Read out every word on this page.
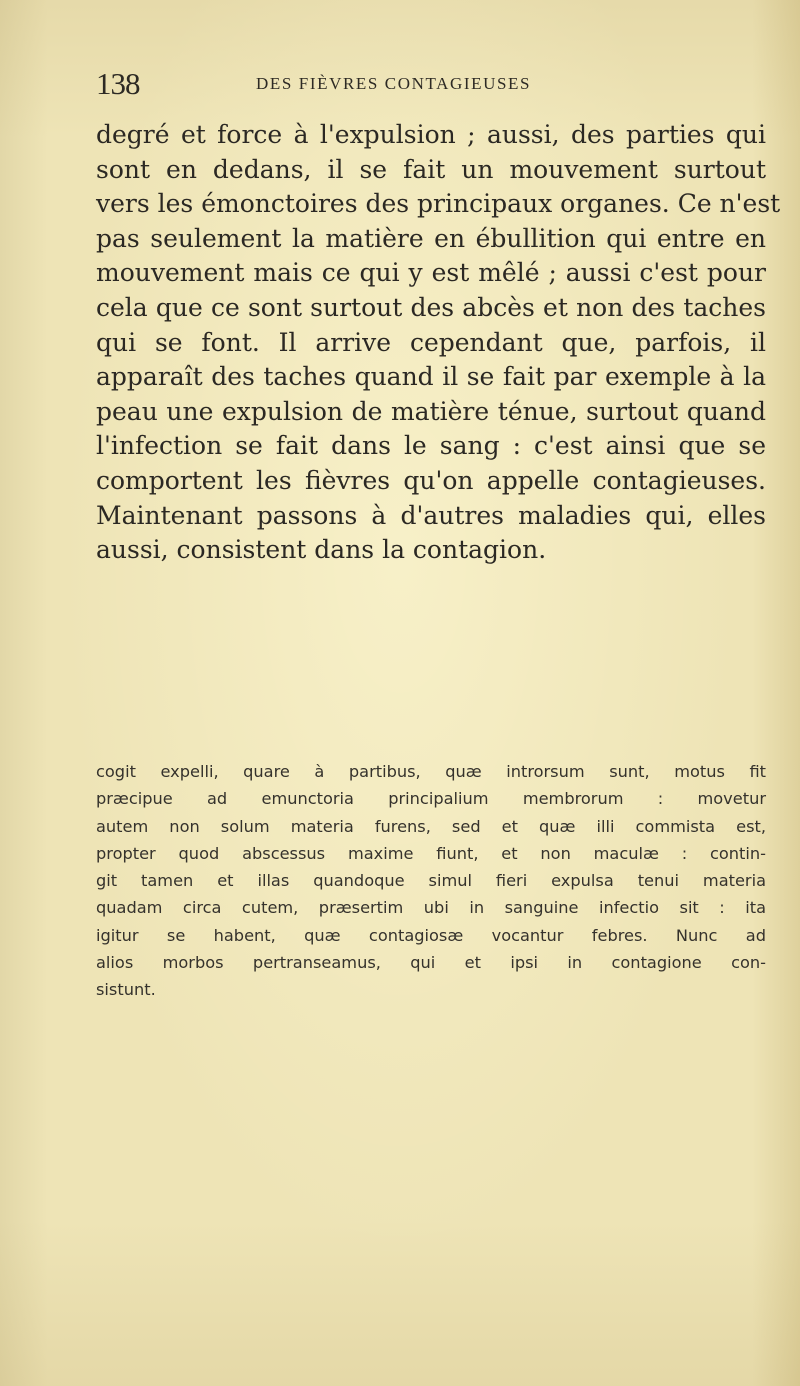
138	DES FIÈVRES CONTAGIEUSES
degré et force à l'expulsion ; aussi, des parties qui
sont en dedans, il se fait un mouvement surtout
vers les émonctoires des principaux organes. Ce n'est
pas seulement la matière en ébullition qui entre en
mouvement mais ce qui y est mêlé ; aussi c'est pour
cela que ce sont surtout des abcès et non des taches
qui se font. Il arrive cependant que, parfois, il
apparaît des taches quand il se fait par exemple à la
peau une expulsion de matière ténue, surtout quand
l'infection se fait dans le sang : c'est ainsi que se
comportent les fièvres qu'on appelle contagieuses.
Maintenant passons à d'autres maladies qui, elles
aussi, consistent dans la contagion.
cogit expelli, quare à partibus, quæ introrsum sunt, motus fit
præcipue ad emunctoria principalium membrorum : movetur
autem non solum materia furens, sed et quæ illi commista est,
propter quod abscessus maxime fiunt, et non maculæ : contin-
git tamen et illas quandoque simul fieri expulsa tenui materia
quadam circa cutem, præsertim ubi in sanguine infectio sit : ita
igitur se habent, quæ contagiosæ vocantur febres. Nunc ad
alios morbos pertranseamus, qui et ipsi in contagione con-
sistunt.
